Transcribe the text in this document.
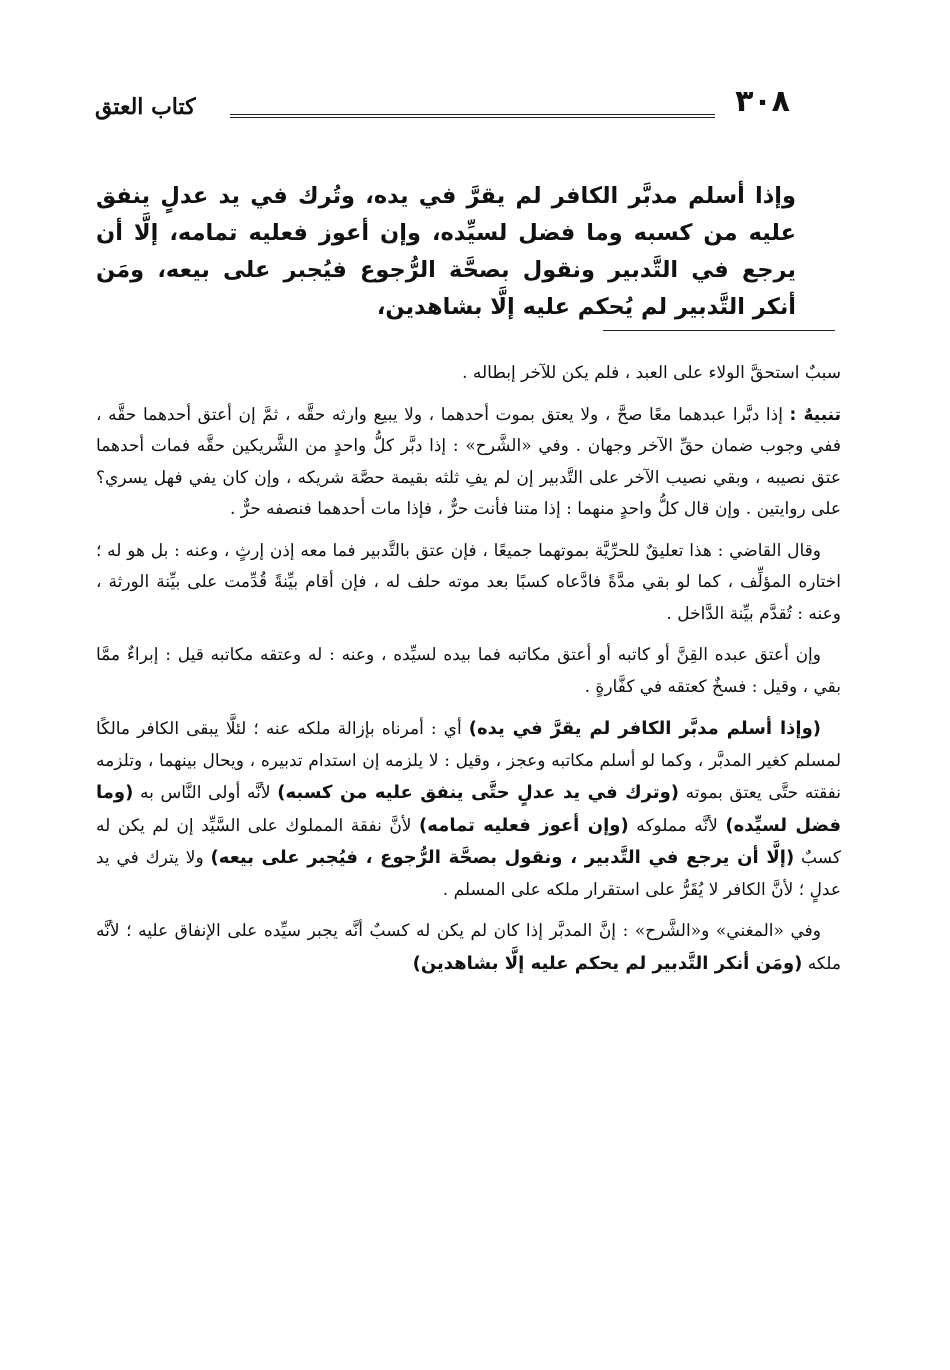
٣٠٨
كتاب العتق

وإذا أسلم مدبَّر الكافر لم يقرَّ في يده، وتُرك في يد عدلٍ ينفق عليه من كسبه وما فضل لسيِّده، وإن أعوز فعليه تمامه، إلَّا أن يرجع في التَّدبير ونقول بصحَّة الرُّجوع فيُجبر على بيعه، ومَن أنكر التَّدبير لم يُحكم عليه إلَّا بشاهدين،

سببٌ استحقَّ الولاء على العبد ، فلم يكن للآخر إبطاله .

تنبيهٌ : إذا دبَّرا عبدهما معًا صحَّ ، ولا يعتق بموت أحدهما ، ولا يبيع وارثه حقَّه ، ثمَّ إن أعتق أحدهما حقَّه ، ففي وجوب ضمان حقِّ الآخر وجهان . وفي «الشَّرح» : إذا دبَّر كلُّ واحدٍ من الشَّريكين حقَّه فمات أحدهما عتق نصيبه ، وبقي نصيب الآخر على التَّدبير إن لم يفِ ثلثه بقيمة حصَّة شريكه ، وإن كان يفي فهل يسري؟ على روايتين . وإن قال كلُّ واحدٍ منهما : إذا متنا فأنت حرٌّ ، فإذا مات أحدهما فنصفه حرٌّ .

وقال القاضي : هذا تعليقٌ للحرِّيَّة بموتهما جميعًا ، فإن عتق بالتَّدبير فما معه إذن إرثٍ ، وعنه : بل هو له ؛ اختاره المؤلِّف ، كما لو بقي مدَّةً فادَّعاه كسبًا بعد موته حلف له ، فإن أقام بيِّنةً قُدِّمت على بيِّنة الورثة ، وعنه : تُقدَّم بيِّنة الدَّاخل .

وإن أعتق عبده القِنَّ أو كاتبه أو أعتق مكاتبه فما بيده لسيِّده ، وعنه : له وعتقه مكاتبه قيل : إبراءٌ ممَّا بقي ، وقيل : فسخٌ كعتقه في كفَّارةٍ .

(وإذا أسلم مدبَّر الكافر لم يقرَّ في يده) أي : أمرناه بإزالة ملكه عنه ؛ لئلَّا يبقى الكافر مالكًا لمسلم كغير المدبَّر ، وكما لو أسلم مكاتبه وعجز ، وقيل : لا يلزمه إن استدام تدبيره ، ويحال بينهما ، وتلزمه نفقته حتَّى يعتق بموته (وترك في يد عدلٍ حتَّى ينفق عليه من كسبه) لأنَّه أولى النَّاس به (وما فضل لسيِّده) لأنَّه مملوكه (وإن أعوز فعليه تمامه) لأنَّ نفقة المملوك على السَّيِّد إن لم يكن له كسبٌ (إلَّا أن يرجع في التَّدبير ، ونقول بصحَّة الرُّجوع ، فيُجبر على بيعه) ولا يترك في يد عدلٍ ؛ لأنَّ الكافر لا يُقَرُّ على استقرار ملكه على المسلم .

وفي «المغني» و«الشَّرح» : إنَّ المدبَّر إذا كان لم يكن له كسبٌ أنَّه يجبر سيِّده على الإنفاق عليه ؛ لأنَّه ملكه (ومَن أنكر التَّدبير لم يحكم عليه إلَّا بشاهدين)
